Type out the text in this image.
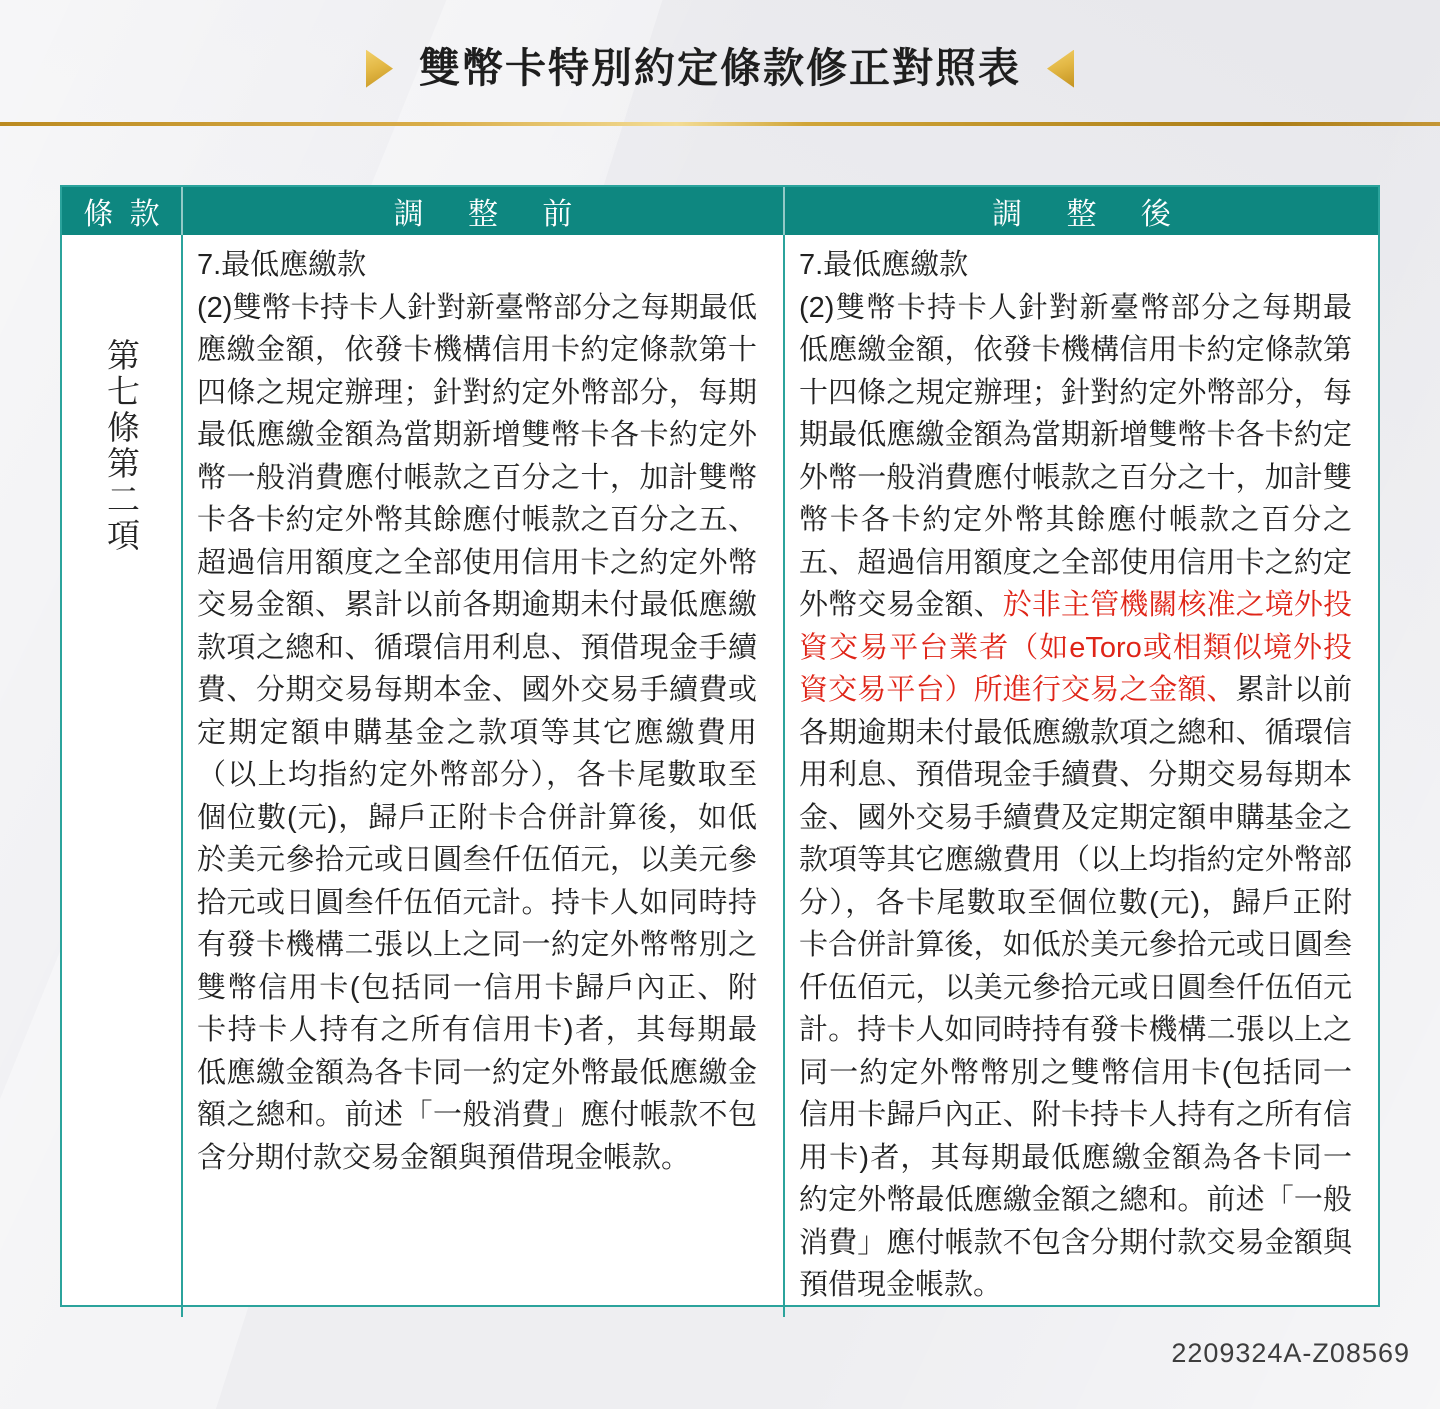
雙幣卡特別約定條款修正對照表
條 款	調 整 前	調 整 後
第七條第二項
7.最低應繳款
(2)雙幣卡持卡人針對新臺幣部分之每期最低應繳金額，依發卡機構信用卡約定條款第十四條之規定辦理；針對約定外幣部分，每期最低應繳金額為當期新增雙幣卡各卡約定外幣一般消費應付帳款之百分之十，加計雙幣卡各卡約定外幣其餘應付帳款之百分之五、超過信用額度之全部使用信用卡之約定外幣交易金額、累計以前各期逾期未付最低應繳款項之總和、循環信用利息、預借現金手續費、分期交易每期本金、國外交易手續費或定期定額申購基金之款項等其它應繳費用（以上均指約定外幣部分），各卡尾數取至個位數(元)，歸戶正附卡合併計算後，如低於美元參拾元或日圓叁仟伍佰元，以美元參拾元或日圓叁仟伍佰元計。持卡人如同時持有發卡機構二張以上之同一約定外幣幣別之雙幣信用卡(包括同一信用卡歸戶內正、附卡持卡人持有之所有信用卡)者，其每期最低應繳金額為各卡同一約定外幣最低應繳金額之總和。前述「一般消費」應付帳款不包含分期付款交易金額與預借現金帳款。
7.最低應繳款
(2)雙幣卡持卡人針對新臺幣部分之每期最低應繳金額，依發卡機構信用卡約定條款第十四條之規定辦理；針對約定外幣部分，每期最低應繳金額為當期新增雙幣卡各卡約定外幣一般消費應付帳款之百分之十，加計雙幣卡各卡約定外幣其餘應付帳款之百分之五、超過信用額度之全部使用信用卡之約定外幣交易金額、於非主管機關核准之境外投資交易平台業者（如eToro或相類似境外投資交易平台）所進行交易之金額、累計以前各期逾期未付最低應繳款項之總和、循環信用利息、預借現金手續費、分期交易每期本金、國外交易手續費及定期定額申購基金之款項等其它應繳費用（以上均指約定外幣部分），各卡尾數取至個位數(元)，歸戶正附卡合併計算後，如低於美元參拾元或日圓叁仟伍佰元，以美元參拾元或日圓叁仟伍佰元計。持卡人如同時持有發卡機構二張以上之同一約定外幣幣別之雙幣信用卡(包括同一信用卡歸戶內正、附卡持卡人持有之所有信用卡)者，其每期最低應繳金額為各卡同一約定外幣最低應繳金額之總和。前述「一般消費」應付帳款不包含分期付款交易金額與預借現金帳款。
2209324A-Z08569
